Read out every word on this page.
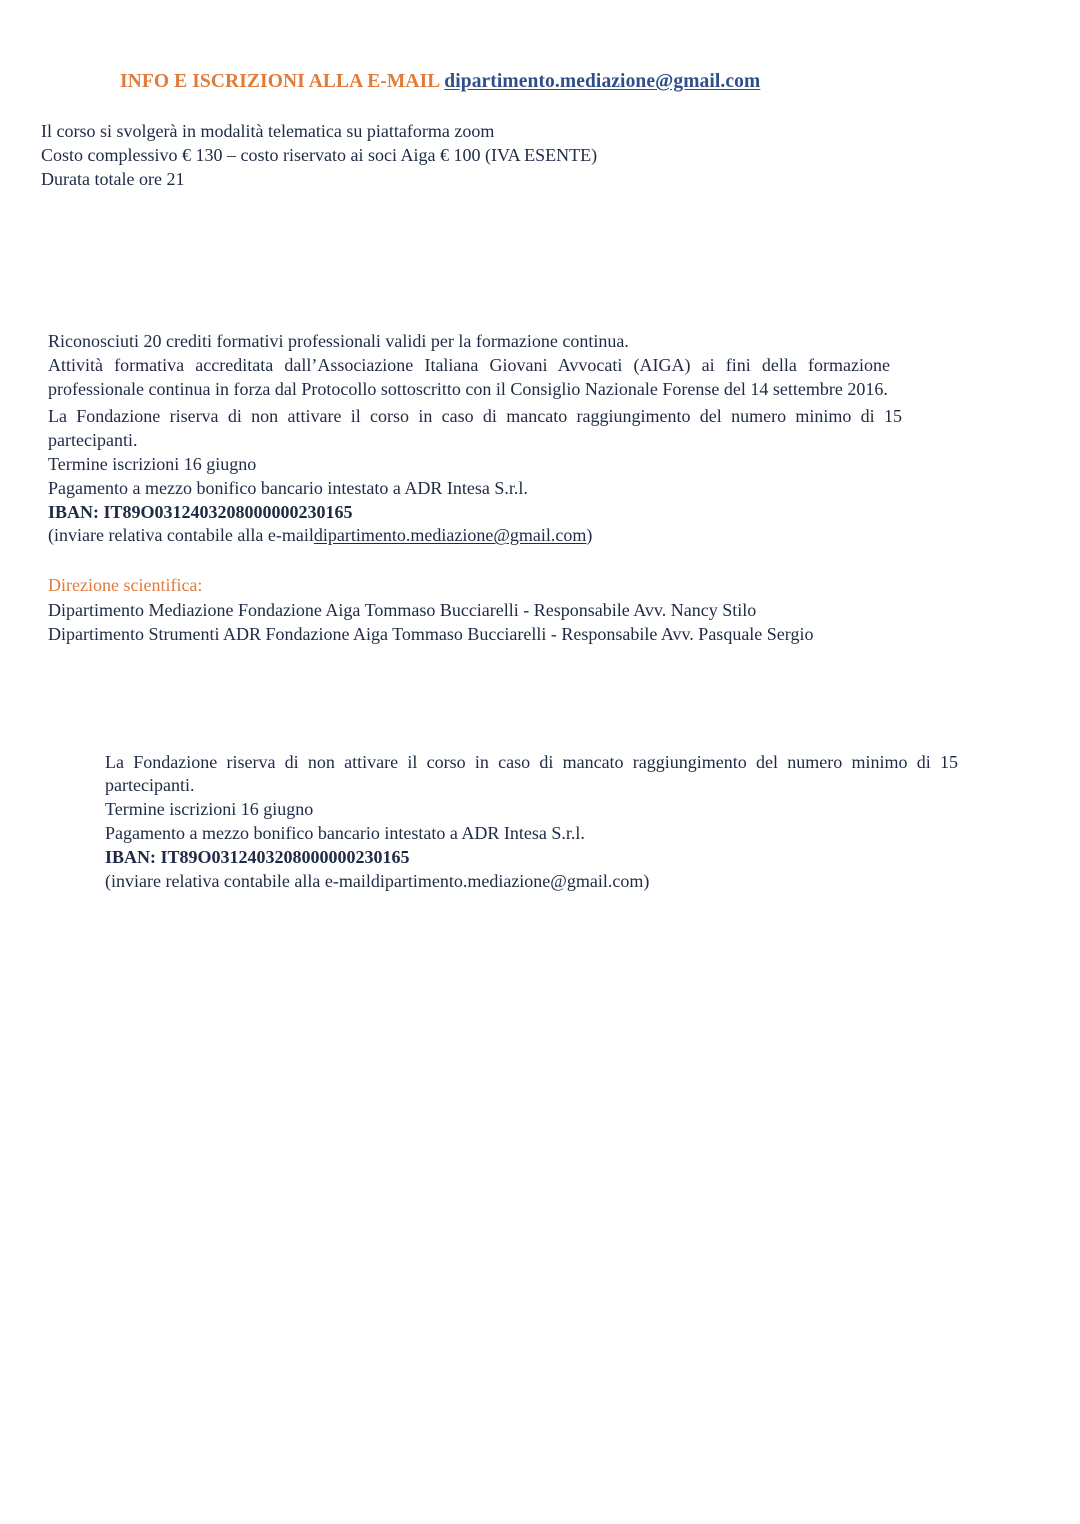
INFO E ISCRIZIONI ALLA E-MAIL dipartimento.mediazione@gmail.com
Il corso si svolgerà in modalità telematica su piattaforma zoom
Costo complessivo € 130 – costo riservato ai soci Aiga € 100 (IVA ESENTE)
Durata totale ore 21
Riconosciuti 20 crediti formativi professionali validi per la formazione continua.
Attività formativa accreditata dall’Associazione Italiana Giovani Avvocati (AIGA) ai fini della formazione
professionale continua in forza dal Protocollo sottoscritto con il Consiglio Nazionale Forense del 14 settembre 2016.
La Fondazione riserva di non attivare il corso in caso di mancato raggiungimento del numero minimo di 15
partecipanti.
Termine iscrizioni 16 giugno
Pagamento a mezzo bonifico bancario intestato a ADR Intesa S.r.l.
IBAN: IT89O0312403208000000230165
(inviare relativa contabile alla e-maildipartimento.mediazione@gmail.com)
Direzione scientifica:
Dipartimento Mediazione Fondazione Aiga Tommaso Bucciarelli - Responsabile Avv. Nancy Stilo
Dipartimento Strumenti ADR Fondazione Aiga Tommaso Bucciarelli - Responsabile Avv. Pasquale Sergio
La Fondazione riserva di non attivare il corso in caso di mancato raggiungimento del numero minimo di 15
partecipanti.
Termine iscrizioni 16 giugno
Pagamento a mezzo bonifico bancario intestato a ADR Intesa S.r.l.
IBAN: IT89O0312403208000000230165
(inviare relativa contabile alla e-maildipartimento.mediazione@gmail.com)
